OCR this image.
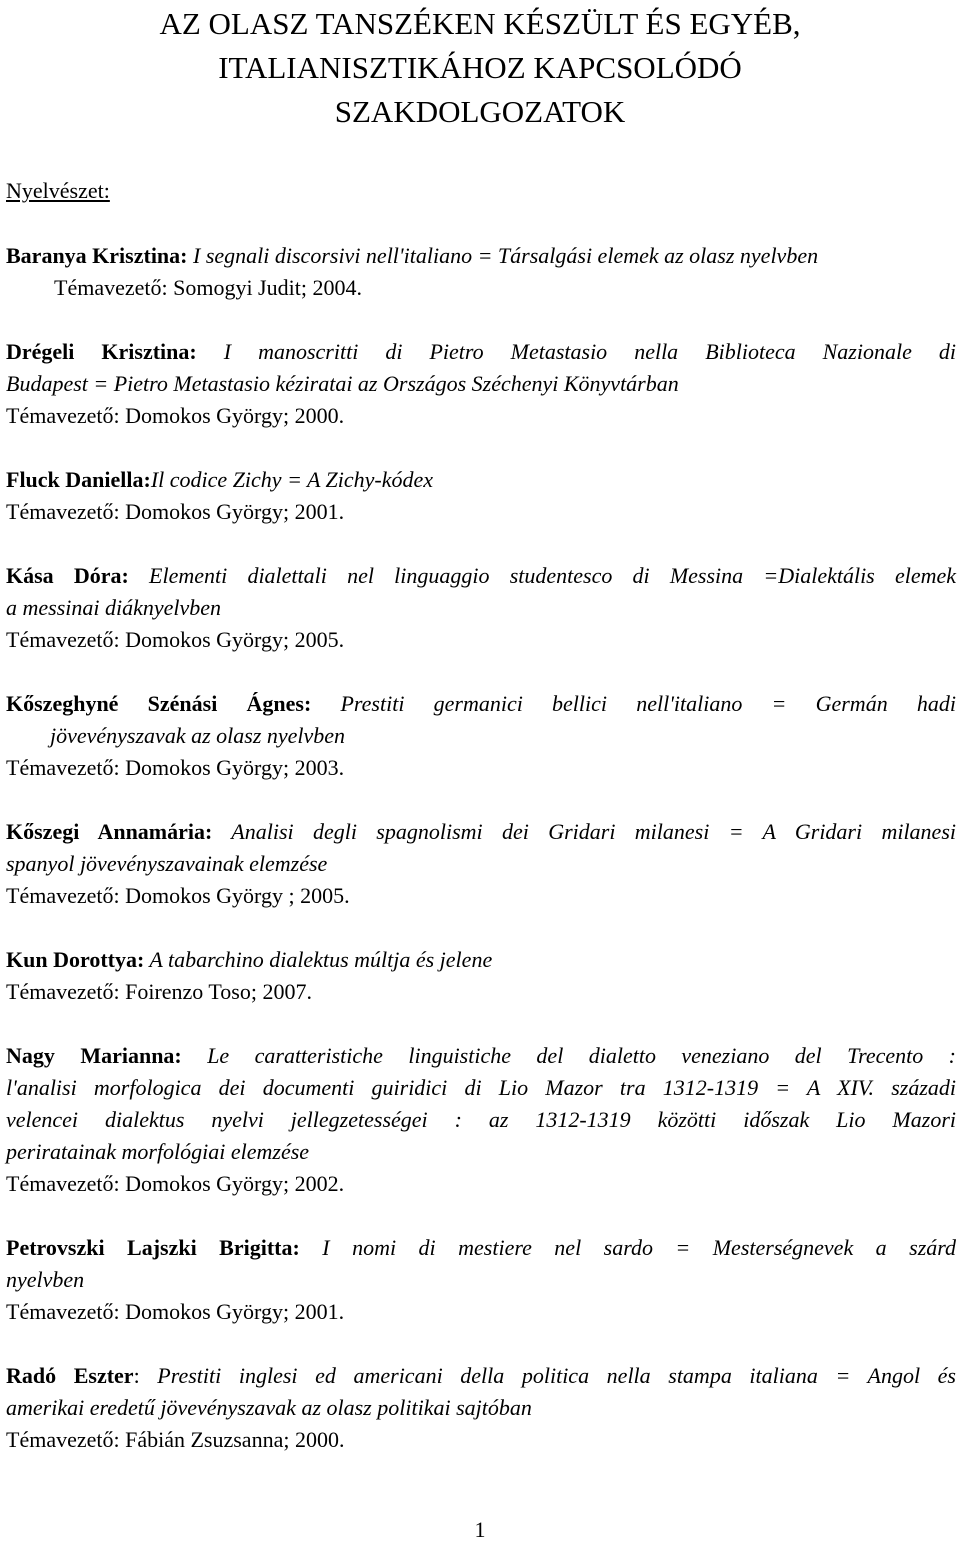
AZ OLASZ TANSZÉKEN KÉSZÜLT ÉS EGYÉB,
ITALIANISZTIKÁHOZ KAPCSOLÓDÓ
SZAKDOLGOZATOK
Nyelvészet:
Baranya Krisztina: I segnali discorsivi nell'italiano = Társalgási elemek az olasz nyelvben
Témavezető: Somogyi Judit; 2004.
Drégeli Krisztina: I manoscritti di Pietro Metastasio nella Biblioteca Nazionale di
Budapest = Pietro Metastasio kéziratai az Országos Széchenyi Könyvtárban
Témavezető: Domokos György; 2000.
Fluck Daniella:Il codice Zichy = A Zichy-kódex
Témavezető: Domokos György; 2001.
Kása Dóra: Elementi dialettali nel linguaggio studentesco di Messina =Dialektális elemek
a messinai diáknyelvben
Témavezető: Domokos György; 2005.
Kőszeghyné Szénási Ágnes: Prestiti germanici bellici nell'italiano = Germán hadi
jövevényszavak az olasz nyelvben
Témavezető: Domokos György; 2003.
Kőszegi Annamária: Analisi degli spagnolismi dei Gridari milanesi = A Gridari milanesi
spanyol jövevényszavainak elemzése
Témavezető: Domokos György ; 2005.
Kun Dorottya: A tabarchino dialektus múltja és jelene
Témavezető: Foirenzo Toso; 2007.
Nagy Marianna: Le caratteristiche linguistiche del dialetto veneziano del Trecento :
l'analisi morfologica dei documenti guiridici di Lio Mazor tra 1312-1319 = A XIV. századi
velencei dialektus nyelvi jellegzetességei : az 1312-1319 közötti időszak Lio Mazori
periratainak morfológiai elemzése
Témavezető: Domokos György; 2002.
Petrovszki Lajszki Brigitta: I nomi di mestiere nel sardo = Mesterségnevek a szárd
nyelvben
Témavezető: Domokos György; 2001.
Radó Eszter: Prestiti inglesi ed americani della politica nella stampa italiana = Angol és
amerikai eredetű jövevényszavak az olasz politikai sajtóban
Témavezető: Fábián Zsuzsanna; 2000.
1
